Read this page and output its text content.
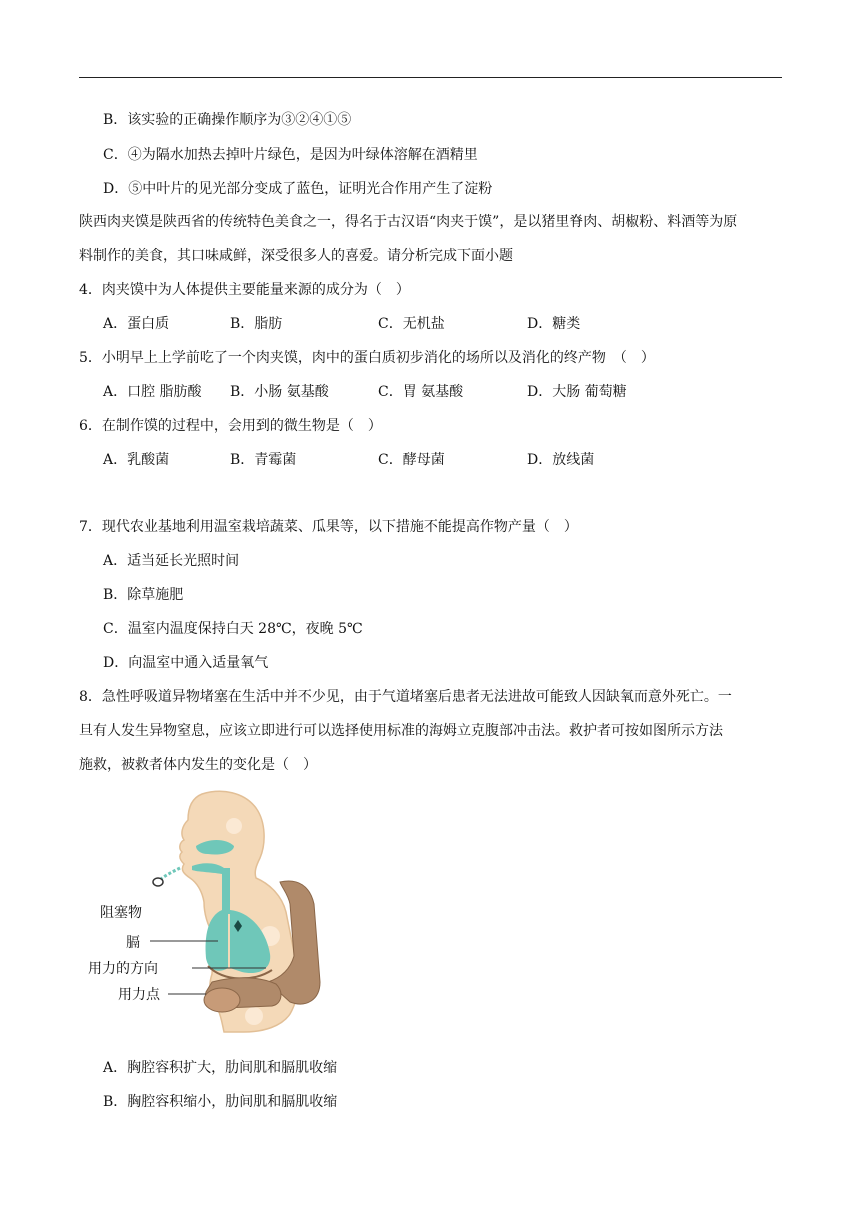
B．该实验的正确操作顺序为③②④①⑤
C．④为隔水加热去掉叶片绿色，是因为叶绿体溶解在酒精里
D．⑤中叶片的见光部分变成了蓝色，证明光合作用产生了淀粉
陕西肉夹馍是陕西省的传统特色美食之一，得名于古汉语“肉夹于馍”，是以猪里脊肉、胡椒粉、料酒等为原
料制作的美食，其口味咸鲜，深受很多人的喜爱。请分析完成下面小题
4．肉夹馍中为人体提供主要能量来源的成分为（　）
A．蛋白质	B．脂肪	C．无机盐	D．糖类
5．小明早上上学前吃了一个肉夹馍，肉中的蛋白质初步消化的场所以及消化的终产物　（　）
A．口腔 脂肪酸 B．小肠 氨基酸	C．胃 氨基酸	D．大肠 葡萄糖
6．在制作馍的过程中，会用到的微生物是（　）
A．乳酸菌	B．青霉菌	C．酵母菌	D．放线菌
7．现代农业基地利用温室栽培蔬菜、瓜果等，以下措施不能提高作物产量（　）
A．适当延长光照时间
B．除草施肥
C．温室内温度保持白天 28℃，夜晚 5℃
D．向温室中通入适量氧气
8．急性呼吸道异物堵塞在生活中并不少见，由于气道堵塞后患者无法进故可能致人因缺氧而意外死亡。一
旦有人发生异物窒息，应该立即进行可以选择使用标准的海姆立克腹部冲击法。救护者可按如图所示方法
施救，被救者体内发生的变化是（　）
阻塞物
膈
用力的方向
用力点
A．胸腔容积扩大，肋间肌和膈肌收缩
B．胸腔容积缩小，肋间肌和膈肌收缩
